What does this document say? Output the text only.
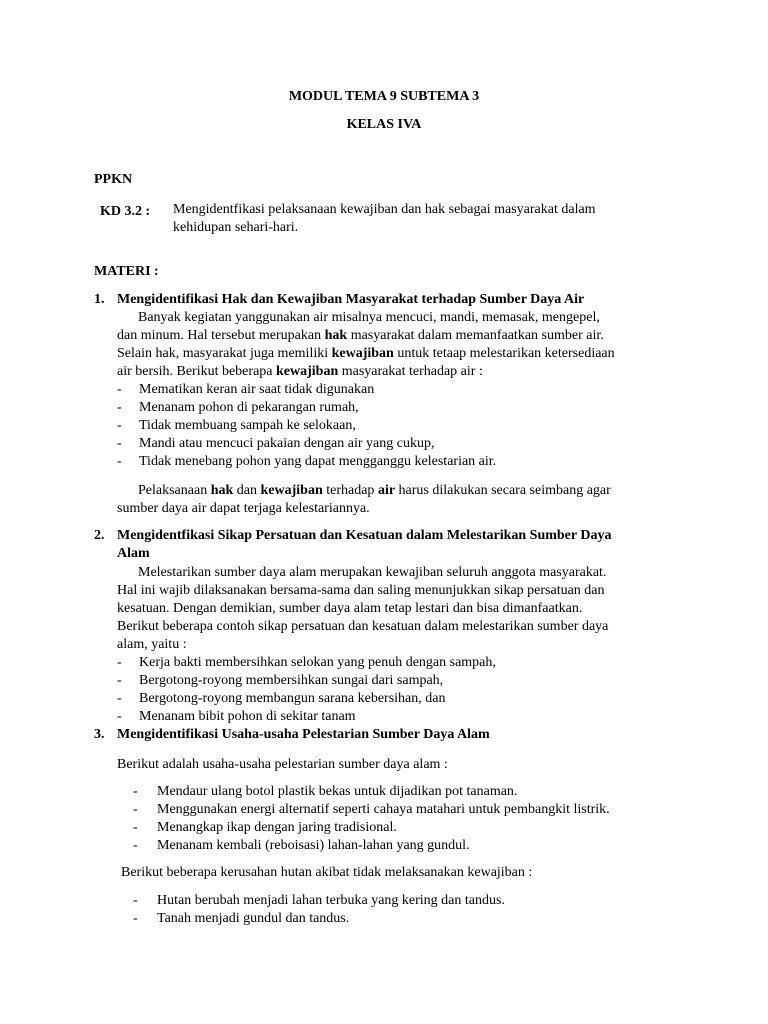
MODUL TEMA 9 SUBTEMA 3
KELAS IVA
PPKN
KD 3.2 : Mengidentfikasi pelaksanaan kewajiban dan hak sebagai masyarakat dalam
kehidupan sehari-hari.
MATERI :
1. Mengidentifikasi Hak dan Kewajiban Masyarakat terhadap Sumber Daya Air
Banyak kegiatan yanggunakan air misalnya mencuci, mandi, memasak, mengepel,
dan minum. Hal tersebut merupakan hak masyarakat dalam memanfaatkan sumber air.
Selain hak, masyarakat juga memiliki kewajiban untuk tetaap melestarikan ketersediaan
air bersih. Berikut beberapa kewajiban masyarakat terhadap air :
- Mematikan keran air saat tidak digunakan
- Menanam pohon di pekarangan rumah,
- Tidak membuang sampah ke selokaan,
- Mandi atau mencuci pakaian dengan air yang cukup,
- Tidak menebang pohon yang dapat mengganggu kelestarian air.
Pelaksanaan hak dan kewajiban terhadap air harus dilakukan secara seimbang agar
sumber daya air dapat terjaga kelestariannya.
2. Mengidentfikasi Sikap Persatuan dan Kesatuan dalam Melestarikan Sumber Daya
Alam
Melestarikan sumber daya alam merupakan kewajiban seluruh anggota masyarakat.
Hal ini wajib dilaksanakan bersama-sama dan saling menunjukkan sikap persatuan dan
kesatuan. Dengan demikian, sumber daya alam tetap lestari dan bisa dimanfaatkan.
Berikut beberapa contoh sikap persatuan dan kesatuan dalam melestarikan sumber daya
alam, yaitu :
- Kerja bakti membersihkan selokan yang penuh dengan sampah,
- Bergotong-royong membersihkan sungai dari sampah,
- Bergotong-royong membangun sarana kebersihan, dan
- Menanam bibit pohon di sekitar tanam
3. Mengidentifikasi Usaha-usaha Pelestarian Sumber Daya Alam
Berikut adalah usaha-usaha pelestarian sumber daya alam :
- Mendaur ulang botol plastik bekas untuk dijadikan pot tanaman.
- Menggunakan energi alternatif seperti cahaya matahari untuk pembangkit listrik.
- Menangkap ikap dengan jaring tradisional.
- Menanam kembali (reboisasi) lahan-lahan yang gundul.
Berikut beberapa kerusahan hutan akibat tidak melaksanakan kewajiban :
- Hutan berubah menjadi lahan terbuka yang kering dan tandus.
- Tanah menjadi gundul dan tandus.
